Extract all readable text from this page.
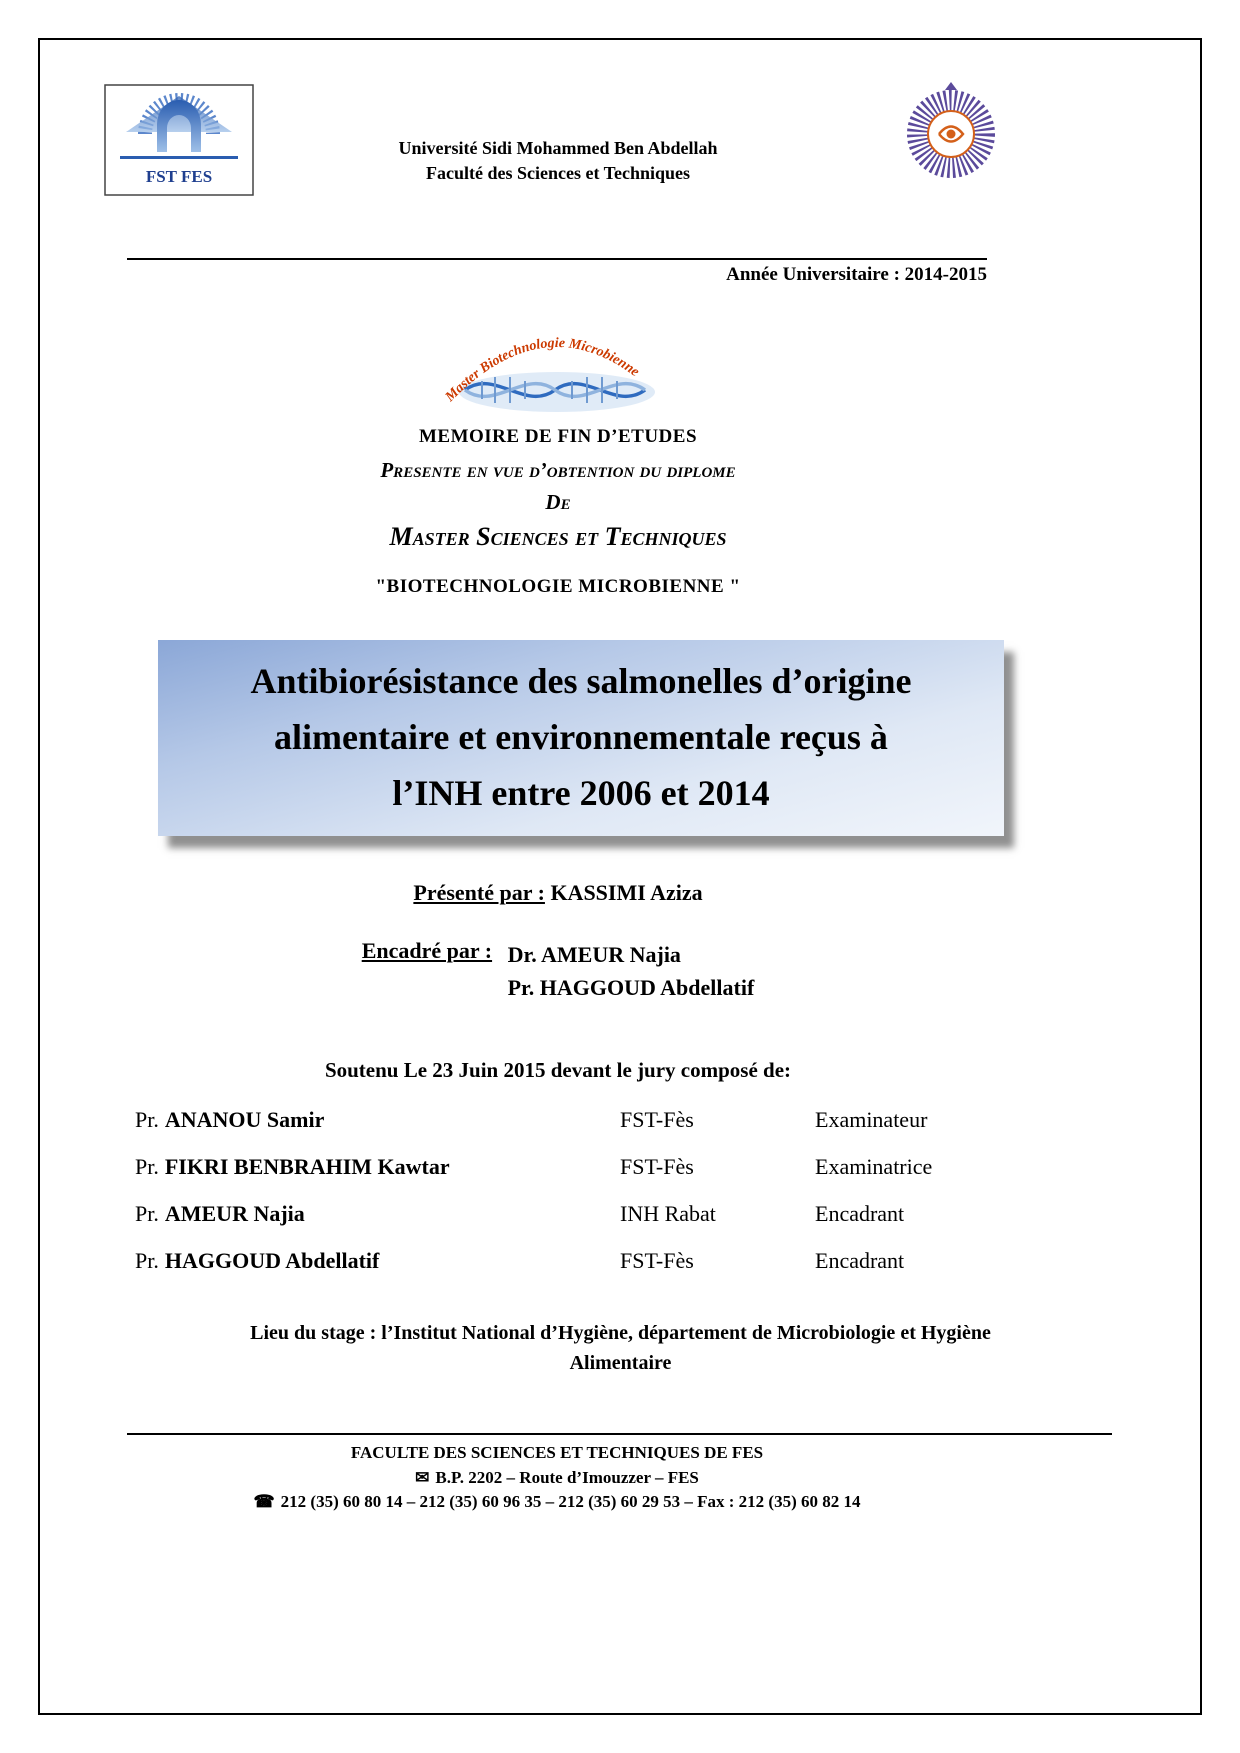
FST FES
Université Sidi Mohammed Ben Abdellah
Faculté des Sciences et Techniques
Année Universitaire : 2014-2015
Master Biotechnologie Microbienne
MEMOIRE DE FIN D’ETUDES
Presente en vue d’obtention du diplome
De
Master Sciences et Techniques
"BIOTECHNOLOGIE MICROBIENNE "
Antibiorésistance des salmonelles d’origine
alimentaire et environnementale reçus à
l’INH entre 2006 et 2014
Présenté par : KASSIMI Aziza
Encadré par : Dr. AMEUR Najia
Pr. HAGGOUD Abdellatif
Soutenu Le 23 Juin 2015 devant le jury composé de:
Pr. ANANOU Samir	FST-Fès	Examinateur
Pr. FIKRI BENBRAHIM Kawtar	FST-Fès	Examinatrice
Pr. AMEUR Najia	INH Rabat	Encadrant
Pr. HAGGOUD Abdellatif	FST-Fès	Encadrant
Lieu du stage : l’Institut National d’Hygiène, département de Microbiologie et Hygiène
Alimentaire
FACULTE DES SCIENCES ET TECHNIQUES DE FES
✉ B.P. 2202 – Route d’Imouzzer – FES
☎ 212 (35) 60 80 14 – 212 (35) 60 96 35 – 212 (35) 60 29 53 – Fax : 212 (35) 60 82 14
